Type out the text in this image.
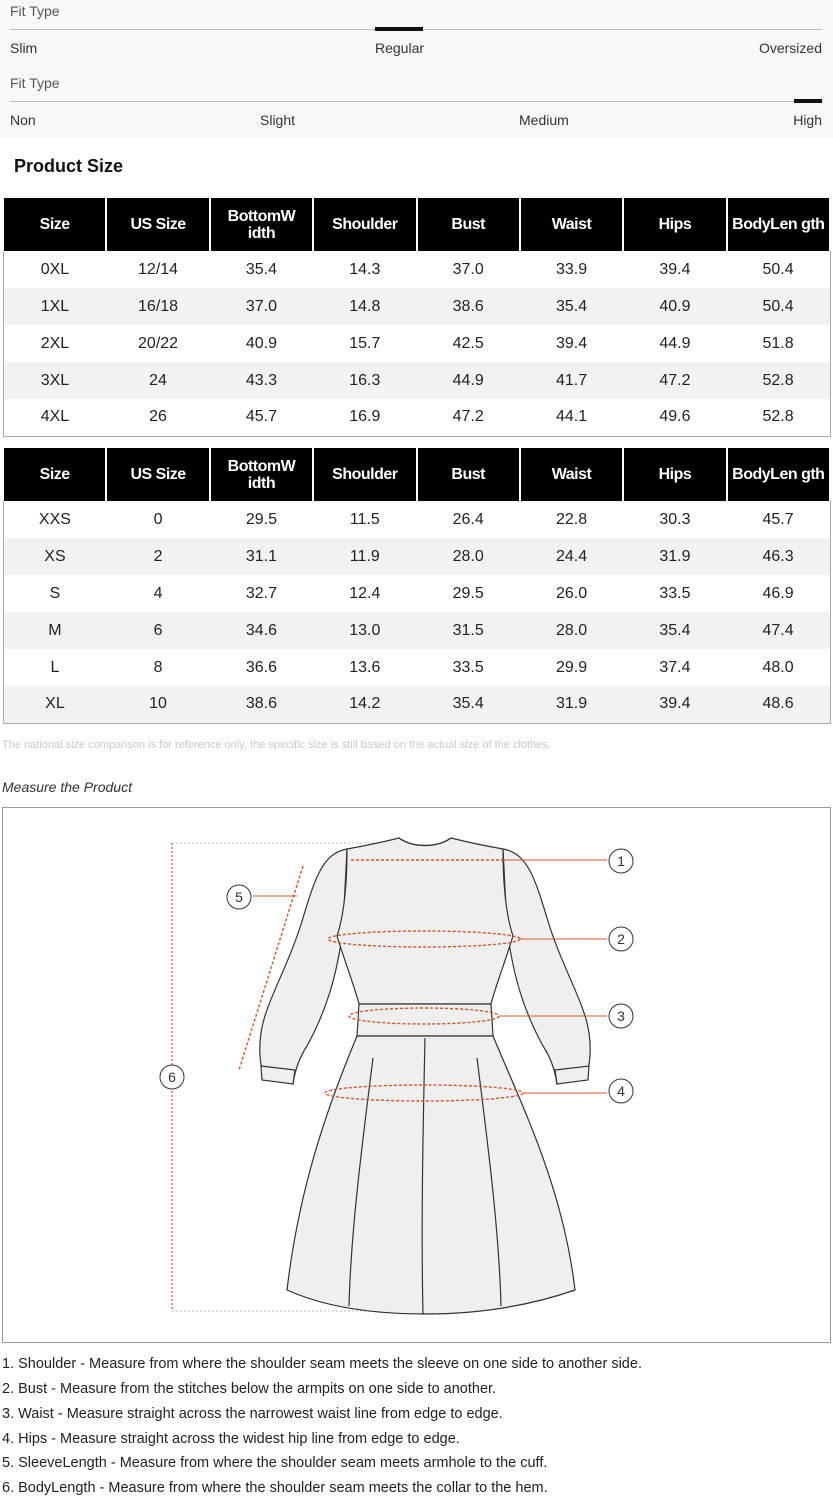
Fit Type
Slim	Regular	Oversized
Fit Type
Non	Slight	Medium	High
Product Size
Size	US Size	BottomW idth	Shoulder	Bust	Waist	Hips	BodyLen gth
0XL	12/14	35.4	14.3	37.0	33.9	39.4	50.4
1XL	16/18	37.0	14.8	38.6	35.4	40.9	50.4
2XL	20/22	40.9	15.7	42.5	39.4	44.9	51.8
3XL	24	43.3	16.3	44.9	41.7	47.2	52.8
4XL	26	45.7	16.9	47.2	44.1	49.6	52.8
Size	US Size	BottomW idth	Shoulder	Bust	Waist	Hips	BodyLen gth
XXS	0	29.5	11.5	26.4	22.8	30.3	45.7
XS	2	31.1	11.9	28.0	24.4	31.9	46.3
S	4	32.7	12.4	29.5	26.0	33.5	46.9
M	6	34.6	13.0	31.5	28.0	35.4	47.4
L	8	36.6	13.6	33.5	29.9	37.4	48.0
XL	10	38.6	14.2	35.4	31.9	39.4	48.6
The national size comparison is for reference only, the specific size is still based on the actual size of the clothes.
Measure the Product
1
2
3
4
5
6
1. Shoulder - Measure from where the shoulder seam meets the sleeve on one side to another side.
2. Bust - Measure from the stitches below the armpits on one side to another.
3. Waist - Measure straight across the narrowest waist line from edge to edge.
4. Hips - Measure straight across the widest hip line from edge to edge.
5. SleeveLength - Measure from where the shoulder seam meets armhole to the cuff.
6. BodyLength - Measure from where the shoulder seam meets the collar to the hem.
